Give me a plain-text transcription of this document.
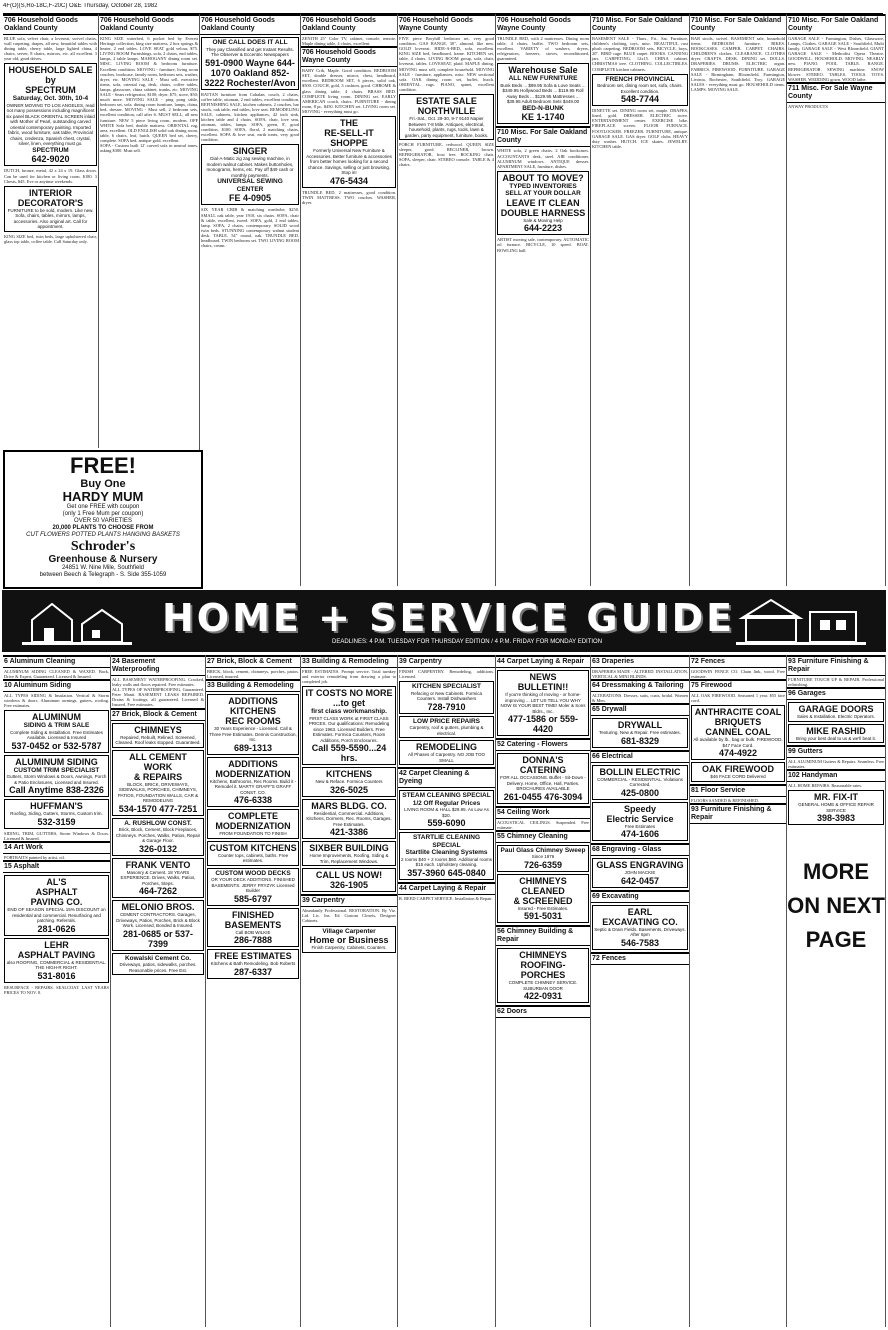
4F(O)(S,Ro-18C,F-20C) O&E Thursday, October 28, 1982
706 Household Goods Oakland County
BLUE sofa, velvet chair, a loveseat, swivel chairs, wall carpeting, drapes, all new, beautiful tables with dining table, cherry table, large lighted china, 4 chairs, server, 8 chairs, mirrors, etc. all excellent. 3 year old, good drives.
HOUSEHOLD SALE
by
SPECTRUM
Saturday, Oct. 30th, 10-4
OWNER MOVING TO LOS ANGELES, read not many possessions including magnificent six panel BLACK ORIENTAL SCREEN inlaid with Mother of Pearl, outstanding carved oriental contemporary painting. Imported fabric, wood furniture, oak table, Provincial chairs, credenza, Spanish chest, crystal, silver, linen, everything must go.
SPECTRUM
642-9020
DUTCH, bronze, metal, 42 x 24 x 19. Glass doors. Can be used for kitchen or living room. $180. 3 Chests, $45. Eve or anytime weekends.
INTERIOR
DECORATOR'S
FURNITURE to be sold, modern. Like new. Sofa, chairs, tables, mirrors, lamps, accessories. Also original art. Call for appointment.
KING SIZE bed, twin beds, large upholstered chair, glass top table, coffee table. Call Saturday only.
706 Household Goods Oakland County
KING SIZE waterbed, 6 pocket bed by Everett Heritage collection, king size mattress, 2 box springs & heater, 2 end tables. LOVE SEAT gold velour, $75. LIVING ROOM Furnishings, sofa, 2 chairs, end tables, lamps, 2 table lamps. MAHOGANY dining room set. MISC. LIVING ROOM & bedroom furniture. Excellent condition. MOVING - furniture, living room couches, bookcase, family room, bedroom sets, washer, dryer, etc. MOVING SALE - Must sell, executive items, sofa, oriental rug, desk, chairs, coffee tables, lamps, glassware, china cabinet, trunks, etc. MOVING SALE - Sears refrigerator, $100; dryer, $75; stove, $50; much more. MOVING SALE - ping pong table, bedroom set, sofa, dining room furniture, lamps, china, bed, dresser. MOVING - Must sell, 2 bedroom sets, excellent condition, call after 6. MUST SELL, all new furniture. NEW 5 piece living room, modern. OFF WHITE Sofa bed, double mattress. ORIENTAL rug, area, excellent. OLD ENGLISH solid oak dining room, table, 6 chairs, leaf, hutch. QUEEN bed set, cherry, complete. SOFA bed, antique gold, excellent.
SOFA - Custom built 12' curved sofa in neutral tones, asking $300. Must sell.
706 Household Goods Oakland County
ONE CALL DOES IT ALL
They pay Classified and get Instant Results. The Observer & Eccentric Newspapers
591-0900 Wayne 644-1070 Oakland 852-3222 Rochester/Avon
RATTAN furniture from Cahalan, couch, 2 chairs, coffee table, ottoman, 2 end tables, excellent condition. REFINISHING SALE, kitchen cabinets, 2 couches, bar stools, oak table, end tables, love seat. REMODELING SALE, cabinets, kitchen appliances, 42 inch sink, kitchen table and 4 chairs. SOFA, chair, love seat, ottoman, tables, lamps. SOFA, green, 8', good condition, $100. SOFA, floral, 2 matching chairs, excellent. SOFA & love seat, earth tones, very good condition.
SINGER
Dial-A-Matic zig zag sewing machine, in modern walnut cabinet. Makes buttonholes, monograms, hems, etc. Pay off $49 cash or monthly payments.
UNIVERSAL SEWING CENTER
FE 4-0905
SIX YEAR CRIB & matching wardrobe, $250. SMALL oak table, year 1910, six chairs. SOFA, chair & table, excellent, tweed. SOFA, gold, 2 end tables, lamp. SOFA, 2 chairs, contemporary. SOLID wood twin beds. STUNNING contemporary walnut student desk. TABLE, 54" round, oak. TRUNDLE BED, headboard. TWIN bedroom set. TWO LIVING ROOM chairs, cream.
706 Household Goods Oakland County
ZENITH 25" Color TV, cabinet, console, remote. Maple dining table, 4 chairs, excellent.
706 Household Goods Wayne County
BABY Crib, Maple. Good condition. BEDROOM SET, double dresser, mirror, chest, headboard, excellent. BEDROOM SET, 6 pieces, solid oak, $500. COUCH, gold, 3 cushion, good. CHROME & glass dining table, 4 chairs. BRASS BED. COMPLETE living room. DINING set. EARLY AMERICAN couch, chairs. FURNITURE - dining room, 8 pc, $450. KITCHEN set. LIVING room set. MOVING - everything must go.
THE
RE-SELL-IT
SHOPPE
Formerly Universal New Furniture & Accessories. Better furniture & accessories from better homes looking for a second chance. Savings, selling or just browsing. Stop in!
476-5434
TRUNDLE BED, 2 mattresses, good condition. TWIN MATTRESS. TWO couches. WASHER, dryer.
706 Household Goods Wayne County
FIVE piece Broyhill bedroom set, very good condition. GAS RANGE, 30", almond, like new. GOLD loveseat. HIDE-A-BED, sofa, excellent. KING SIZE bed, headboard, frame. KITCHEN set, table, 4 chairs. LIVING ROOM group, sofa, chair, loveseat, tables. LOVESEAT, plaid. MAPLE dining. MOVING must sell, complete household. MOVING SALE - furniture, appliances, misc. NEW sectional sofa. OAK dining room set, buffet, hutch. ORIENTAL rugs. PIANO, spinet, excellent condition.
ESTATE SALE
NORTHVILLE
Fri.-Sat., Oct. 29-30, 9-7 9140 Napier Between 7-8 Mile. Antiques, electrical, household, plants, rugs, tools, lawn & garden, party equipment, furniture, books.
PORCH FURNITURE, redwood. QUEEN SIZE sleeper, good. RECLINER, brown. REFRIGERATOR, frost free. ROCKING chair. SOFA, sleeper, chair. STEREO console. TABLE & 4 chairs.
706 Household Goods Wayne County
TRUNDLE BED, with 2 mattresses. Dining room table, 4 chairs, buffet. TWO bedroom sets, excellent. VARIETY of washers, dryers, refrigerators, freezers, stoves, reconditioned, guaranteed.
Warehouse Sale
ALL NEW FURNITURE
Bunk Beds ... $99.95 Sofa & Love Seats ... $349.95 Hollywood Beds ... $119.95 Roll Away Beds ... $129.95 Mattresses ... $39.95 Adult Bedroom Sets $449.00
BED-N-BUNK
KE 1-1740
710 Misc. For Sale Oakland County
WHITE sofa, 2 green chairs. 2 Oak bookcases. ACCOUNTANTS desk, steel. AIR conditioner. ALUMINUM windows. ANTIQUE dresser. APARTMENT SALE, furniture, dishes.
ABOUT TO MOVE?
TYPED INVENTORIES
SELL AT YOUR DOLLAR
LEAVE IT CLEAN
DOUBLE HARNESS
Sale & Moving Help
644-2223
ARTIST moving sale, contemporary. AUTOMATIC oil furnace. BICYCLE, 10 speed. BOAT. BOWLING ball.
710 Misc. For Sale Oakland County
BASEMENT SALE - Thurs., Fri., Sat. Furniture, children's clothing, toys, misc. BEAUTIFUL rust plush carpeting. BEDROOM sets. BICYCLE, boys, 20". BIRD cage. BLUE carpet. BOOKS. CANNING jars. CARPETING, 12x15. CHINA cabinet. CHRISTMAS tree. CLOTHING. COLLECTIBLES. COMPLETE kitchen cabinets.
FRENCH PROVINCIAL
Bedroom set, dining room set, sofa, chairs. Excellent condition.
548-7744
DINETTE set. DINING room set, maple. DRAPES, lined, gold. DRESSER. ELECTRIC stove. ENTERTAINMENT center. EXERCISE bike. FIREPLACE screen. FLOOR FURNACE. FOOTLOCKER. FREEZER. FURNITURE, antique. GARAGE SALE. GAS dryer. GOLF clubs. HEAVY duty washer. HUTCH. ICE skates. JEWELRY. KITCHEN table.
710 Misc. For Sale Oakland County
BAR stools, swivel. BASEMENT sale, household items. BEDROOM furniture. BIKES. BOOKCASES. CAMPER. CARPET. CHAIRS. CHILDREN'S clothes. CLEARANCE. CLOTHES dryer. CRAFTS. DESK. DINING set. DOLLS. DRAPERIES. DRUMS. ELECTRIC organ. FABRICS. FIREWOOD. FURNITURE. GARAGE SALE - Birmingham, Bloomfield, Farmington, Livonia, Rochester, Southfield, Troy. GARAGE SALES - everything must go. HOUSEHOLD items. LAMPS. MOVING SALE.
710 Misc. For Sale Oakland County
GARAGE SALE - Farmington, Dishes, Glassware, Lamps, Clothes. GARAGE SALE - Southfield, Multi family. GARAGE SALE - West Bloomfield. GIANT GARAGE SALE - Methodist Opera Theatre. GOODWILL. HOUSEHOLD. MOVING. NEARLY new. PIANO. POOL TABLE. RANGE. REFRIGERATOR. SEWING machine. SNOW blower. STEREO. TABLES. TOOLS. TOYS. WASHER. WEDDING gown. WOOD lathe.
711 Misc. For Sale Wayne County
ANWAY PRODUCTS
FREE!
Buy One
HARDY MUM
Get one FREE with coupon
(only 1 Free Mum per coupon)
OVER 50 VARIETIES
20,000 PLANTS TO CHOOSE FROM
CUT FLOWERS POTTED PLANTS HANGING BASKETS
Schroder's
Greenhouse & Nursery
24851 W. Nine Mile, Southfield
between Beech & Telegraph - S. Side 355-1059
HOME + SERVICE GUIDE
DEADLINES: 4 P.M. TUESDAY FOR THURSDAY EDITION / 4 P.M. FRIDAY FOR MONDAY EDITION
6 Aluminum Cleaning
ALUMINUM SIDING CLEANED & WAXED. Back, Drive & Expert, Guaranteed. Licensed & Insured.
10 Aluminum Siding
ALL TYPES SIDING & Insulation. Vertical & Storm windows & doors. Aluminum awnings, gutters, roofing. Free estimates.
ALUMINUM
SIDING & TRIM SALE
Complete Siding & Installation. Free Estimates Available. Licensed & Insured
537-0452 or 532-5787
ALUMINUM SIDING
CUSTOM TRIM SPECIALIST
Gutters, Storm Windows & Doors, Awnings, Porch & Patio Enclosures, Licensed and Insured.
Call Anytime 838-2326
HUFFMAN'S
Roofing, Siding, Gutters, Storms, Custom trim.
532-3159
SIDING, TRIM, GUTTERS, Storm Windows & Doors. Licensed & Insured.
14 Art Work
PORTRAITS painted by artist, oil.
15 Asphalt
AL'S
ASPHALT
PAVING CO.
END OF SEASON SPECIAL 15% DISCOUNT on residential and commercial. Resurfacing and patching. Referrals.
281-0626
LEHR
ASPHALT PAVING
also ROOFING, COMMERCIAL & RESIDENTIAL. THE HIGH-R RIGHT.
531-8016
RESURFACE - REPAIRS. SEALCOAT. LAST YEARS PRICES TO NOV. 8.
24 Basement Waterproofing
ALL BASEMENT WATERPROOFING. Cracked, leaky walls and floors repaired. Free estimates.
ALL TYPES OF WATERPROOFING. Guaranteed. Peter Manti. BASEMENT LEAKS REPAIRED. Drains & footings, all guaranteed. Licensed & Insured. Free estimates.
27 Brick, Block & Cement
CHIMNEYS
Repaired, Rebuilt, Relined. Screened, Cleaned. Roof leaks stopped. Guaranteed.
ALL CEMENT WORK
& REPAIRS
BLOCK, BRICK, DRIVEWAYS, SIDEWALKS, PORCHES, CHIMNEYS, PATIOS, FOUNDATION WALLS, CAR & REMODELING
534-1570 477-7251
A. RUSHLOW CONST.
Brick, Block, Cement, Block Fireplaces, Chimneys. Porches, Walks, Patios, Repair & Garage Floor.
326-0132
FRANK VENTO
Masonry & Cement. 18 YEARS EXPERIENCE. Drives, Walks, Patios, Porches, Steps.
464-7262
MELONIO BROS.
CEMENT CONTRACTORS. Garages, Driveways, Patios, Porches, Brick & Block Work. Licensed, Bonded & Insured.
281-0685 or 537-7399
Kowalski Cement Co.
Driveways, patios, sidewalks, porches. Reasonable prices. Free Est.
27 Brick, Block & Cement
BRICK, block, cement, chimneys, porches, patios. Licensed, insured.
33 Building & Remodeling
ADDITIONS
KITCHENS
REC ROOMS
30 Years Experience - Licensed. Call & Three Free Estimates. Dennis Construction, Inc.
689-1313
ADDITIONS
MODERNIZATION
Kitchens, Bathrooms, Rec Rooms. Build it - Remodel it. MARTY GRAFF'S GRAFF CONST. CO.
476-6338
COMPLETE
MODERNIZATION
FROM FOUNDATION TO FINISH
CUSTOM KITCHENS
Counter tops, cabinets, baths. Free estimates.
CUSTOM WOOD DECKS
OR YOUR DECK ADDITIONS. FINISHED BASEMENTS. JERRY FRYZYK Licensed Builder
585-6797
FINISHED
BASEMENTS
Call BOB WILKIE
286-7888
FREE ESTIMATES
Kitchens & Bath Remodeling. Bob Roberts
287-6337
33 Building & Remodeling
FREE ESTIMATES. Prompt service. Total turnkey and exterior remodeling from drawing a plan to completed job.
IT COSTS NO MORE
...to get
first class workmanship.
FIRST CLASS WORK at FIRST CLASS PRICES. Our qualifications: Remodeling since 1963. Licensed Builders. Free Estimates. Formica Counters, Room Additions, Porch Enclosures.
Call 559-5590...24 hrs.
KITCHENS
New & Reface. Formica Counters
326-5025
MARS BLDG. CO.
Residential, Commercial. Additions, Kitchens, Dormers, Rec. Rooms, Garages. Free Estimates.
421-3386
SIXBER BUILDING
Home Improvements, Roofing, Siding & Trim, Replacement Windows.
CALL US NOW!
326-1905
39 Carpentry
Abundantly Professional. RESTORATION. By Viz. Ltd. Lic. Ins. Ed. Custom Closets, Designer Cabinets.
Village Carpenter
Home or Business
Finish Carpentry, Cabinets, Counters.
39 Carpentry
FINISH CARPENTRY. Remodeling, additions. Licensed.
KITCHEN SPECIALIST
Refacing or New Cabinets. Formica Counters. Install Dishwashers
728-7910
LOW PRICE REPAIRS
Carpentry, roof & gutters, plumbing & electrical.
REMODELING
All Phases of Carpentry. NO JOB TOO SMALL
42 Carpet Cleaning & Dyeing
STEAM CLEANING SPECIAL
1/2 Off Regular Prices
LIVING ROOM & HALL $29.95. As Low As $20.
559-6090
STARTLIE CLEANING SPECIAL
Startlite Cleaning Systems
2 rooms $40 + 2 rooms $60. Additional rooms $15 each. Upholstery cleaning.
357-3960 645-0840
44 Carpet Laying & Repair
R. REED CARPET SERVICE. Installation & Repair.
44 Carpet Laying & Repair
NEWS
BULLETIN!!
If you're thinking of moving - or home-improving ... LET US TELL YOU WHY NOW IS YOUR BEST TIME! Moler & Sons Bldrs., Inc.
477-1586 or 559-4420
52 Catering - Flowers
DONNA'S
CATERING
FOR ALL OCCASIONS. Buffet - Sit-Down - Delivery. Home, Office, Hall, Parties. BROCHURES AVAILABLE
261-0455 476-3094
54 Ceiling Work
ACOUSTICAL CEILINGS. Suspended. Free estimate.
55 Chimney Cleaning
Paul Glass Chimney Sweep
Since 1976
726-6359
CHIMNEYS CLEANED
& SCREENED
Insured - Free Estimates.
591-5031
56 Chimney Building & Repair
CHIMNEYS
ROOFING-PORCHES
COMPLETE CHIMNEY SERVICE. SUBURBAN DOOR
422-0931
62 Doors
63 Draperies
DRAPERIES MADE - ALTERED. INSTALLATION, VERTICAL & MINI BLINDS.
64 Dressmaking & Tailoring
ALTERATIONS. Dresses, suits, coats, bridal. Women & Men.
65 Drywall
DRYWALL
Texturing, New & Repair. Free estimates.
681-8329
66 Electrical
BOLLIN ELECTRIC
COMMERCIAL - RESIDENTIAL. Violations Corrected.
425-0800
Speedy
Electric Service
Free Estimates
474-1606
68 Engraving - Glass
GLASS ENGRAVING
JOHN MACKIE
642-0457
69 Excavating
EARL
EXCAVATING CO.
Septic & Drain Fields. Basements, Driveways. After 6pm
546-7583
72 Fences
72 Fences
GOODWIN FENCE CO. Chain link, wood. Free estimate.
75 Firewood
ALL OAK FIREWOOD. Seasoned 1 year. $55 face cord.
ANTHRACITE COAL
BRIQUETS
CANNEL COAL
All available by lb., bag or bulk. FIREWOOD, $47 Face Cord.
474-4922
OAK FIREWOOD
$46 FACE CORD Delivered
81 Floor Service
FLOORS SANDED & REFINISHED.
93 Furniture Finishing & Repair
93 Furniture Finishing & Repair
FURNITURE TOUCH UP & REPAIR. Professional refinishing.
96 Garages
GARAGE DOORS
Sales & Installation. Electric Operators.
MIKE RASHID
Bring your best deal to us & we'll beat it.
99 Gutters
ALL ALUMINUM Gutters & Repairs. Seamless. Free estimates.
102 Handyman
ALL HOME REPAIRS. Reasonable rates.
MR. FIX-IT
GENERAL HOME & OFFICE REPAIR SERVICE
398-3983
MORE ON NEXT PAGE
